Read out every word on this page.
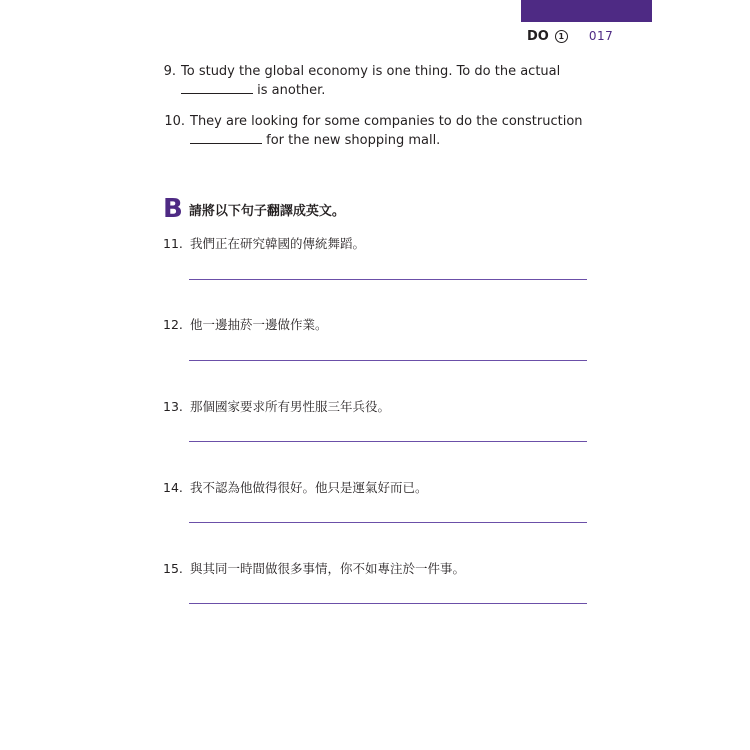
DO	1	017
9. To study the global economy is one thing. To do the actual
is another.
10. They are looking for some companies to do the construction
for the new shopping mall.
B 請將以下句子翻譯成英文。
11. 我們正在研究韓國的傳統舞蹈。
12. 他一邊抽菸一邊做作業。
13. 那個國家要求所有男性服三年兵役。
14. 我不認為他做得很好。他只是運氣好而已。
15. 與其同一時間做很多事情，你不如專注於一件事。
